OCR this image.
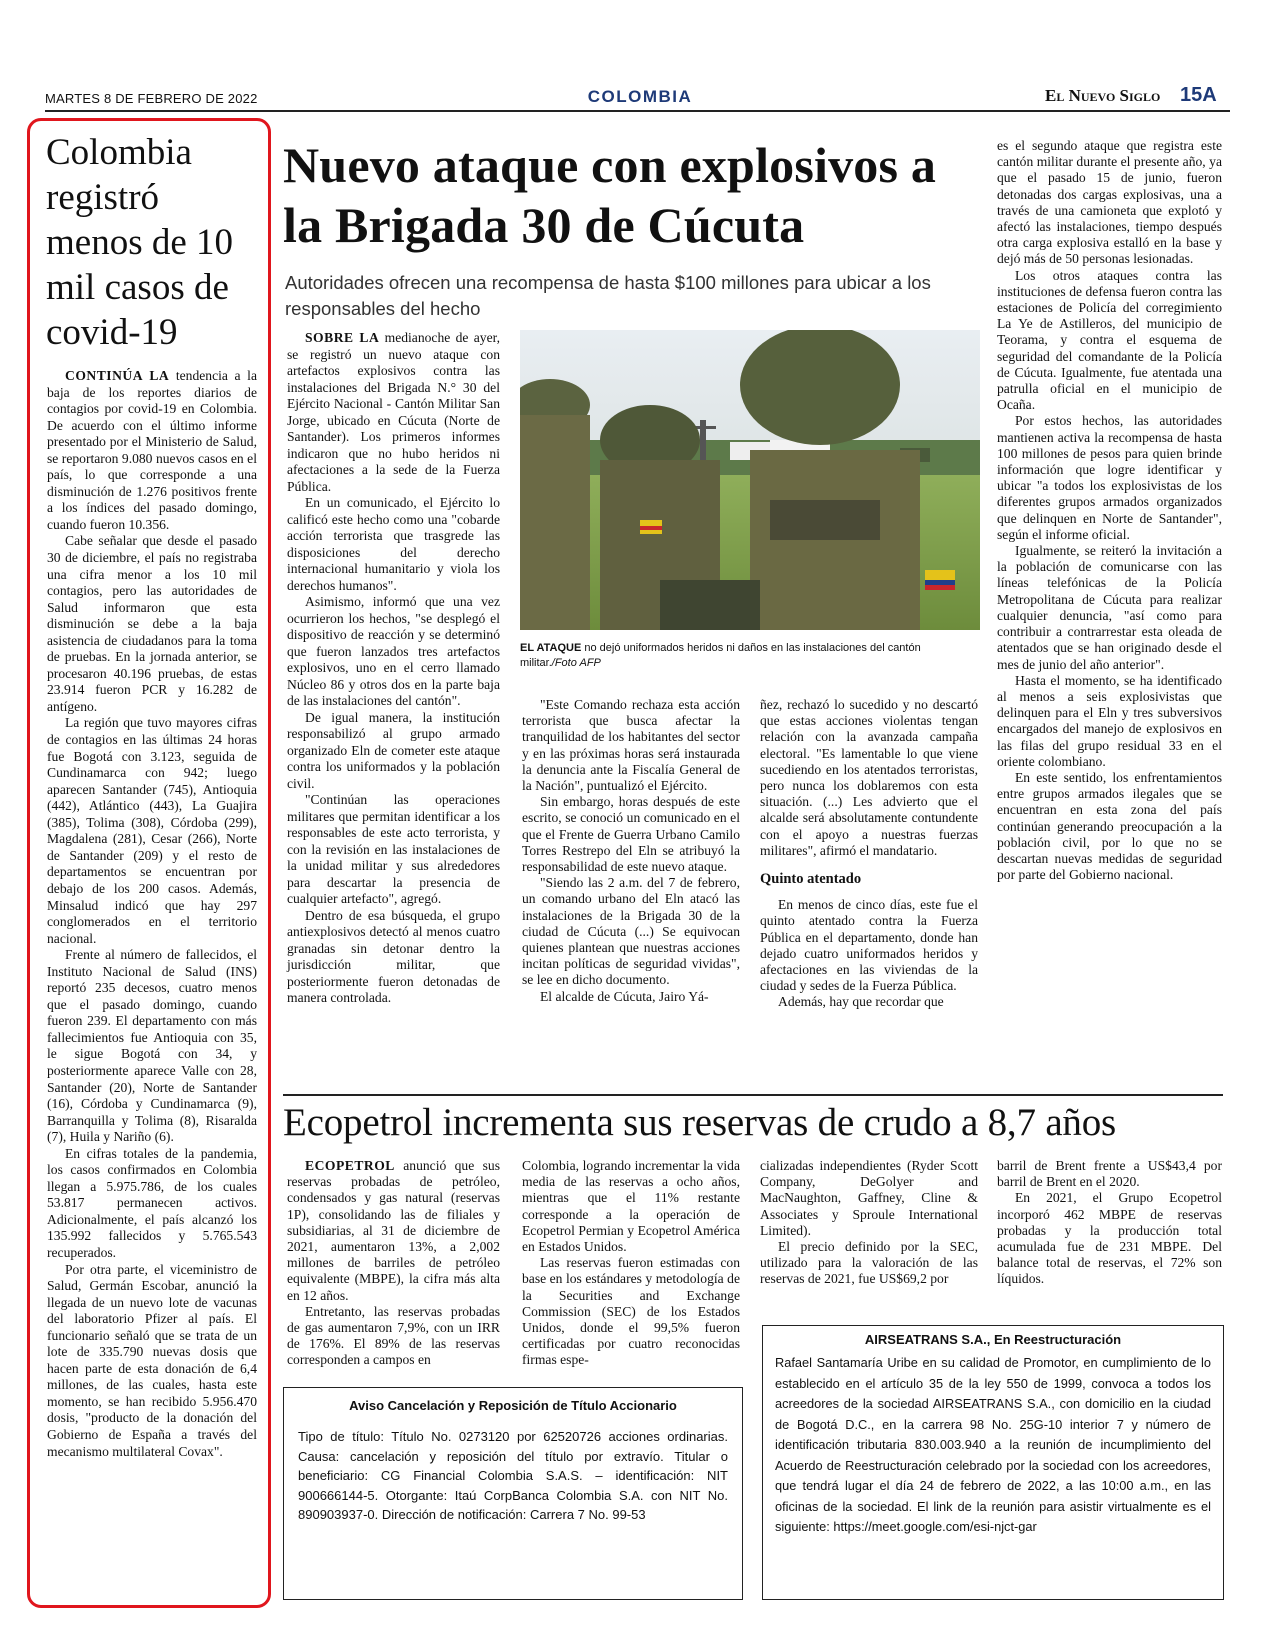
MARTES 8 DE FEBRERO DE 2022	COLOMBIA	El Nuevo Siglo 15A
Colombia registró menos de 10 mil casos de covid-19

CONTINÚA LA tendencia a la baja de los reportes diarios de contagios por covid-19 en Colombia. De acuerdo con el último informe presentado por el Ministerio de Salud, se reportaron 9.080 nuevos casos en el país, lo que corresponde a una disminución de 1.276 positivos frente a los índices del pasado domingo, cuando fueron 10.356.

Cabe señalar que desde el pasado 30 de diciembre, el país no registraba una cifra menor a los 10 mil contagios, pero las autoridades de Salud informaron que esta disminución se debe a la baja asistencia de ciudadanos para la toma de pruebas. En la jornada anterior, se procesaron 40.196 pruebas, de estas 23.914 fueron PCR y 16.282 de antígeno.

La región que tuvo mayores cifras de contagios en las últimas 24 horas fue Bogotá con 3.123, seguida de Cundinamarca con 942; luego aparecen Santander (745), Antioquia (442), Atlántico (443), La Guajira (385), Tolima (308), Córdoba (299), Magdalena (281), Cesar (266), Norte de Santander (209) y el resto de departamentos se encuentran por debajo de los 200 casos. Además, Minsalud indicó que hay 297 conglomerados en el territorio nacional.

Frente al número de fallecidos, el Instituto Nacional de Salud (INS) reportó 235 decesos, cuatro menos que el pasado domingo, cuando fueron 239. El departamento con más fallecimientos fue Antioquia con 35, le sigue Bogotá con 34, y posteriormente aparece Valle con 28, Santander (20), Norte de Santander (16), Córdoba y Cundinamarca (9), Barranquilla y Tolima (8), Risaralda (7), Huila y Nariño (6).

En cifras totales de la pandemia, los casos confirmados en Colombia llegan a 5.975.786, de los cuales 53.817 permanecen activos. Adicionalmente, el país alcanzó los 135.992 fallecidos y 5.765.543 recuperados.

Por otra parte, el viceministro de Salud, Germán Escobar, anunció la llegada de un nuevo lote de vacunas del laboratorio Pfizer al país. El funcionario señaló que se trata de un lote de 335.790 nuevas dosis que hacen parte de esta donación de 6,4 millones, de las cuales, hasta este momento, se han recibido 5.956.470 dosis, "producto de la donación del Gobierno de España a través del mecanismo multilateral Covax".

Nuevo ataque con explosivos a la Brigada 30 de Cúcuta
Autoridades ofrecen una recompensa de hasta $100 millones para ubicar a los responsables del hecho

SOBRE LA medianoche de ayer, se registró un nuevo ataque con artefactos explosivos contra las instalaciones del Brigada N.° 30 del Ejército Nacional - Cantón Militar San Jorge, ubicado en Cúcuta (Norte de Santander). Los primeros informes indicaron que no hubo heridos ni afectaciones a la sede de la Fuerza Pública.

En un comunicado, el Ejército lo calificó este hecho como una "cobarde acción terrorista que trasgrede las disposiciones del derecho internacional humanitario y viola los derechos humanos".

Asimismo, informó que una vez ocurrieron los hechos, "se desplegó el dispositivo de reacción y se determinó que fueron lanzados tres artefactos explosivos, uno en el cerro llamado Núcleo 86 y otros dos en la parte baja de las instalaciones del cantón".

De igual manera, la institución responsabilizó al grupo armado organizado Eln de cometer este ataque contra los uniformados y la población civil.

"Continúan las operaciones militares que permitan identificar a los responsables de este acto terrorista, y con la revisión en las instalaciones de la unidad militar y sus alrededores para descartar la presencia de cualquier artefacto", agregó.

Dentro de esa búsqueda, el grupo antiexplosivos detectó al menos cuatro granadas sin detonar dentro la jurisdicción militar, que posteriormente fueron detonadas de manera controlada.

EL ATAQUE no dejó uniformados heridos ni daños en las instalaciones del cantón militar./Foto AFP

"Este Comando rechaza esta acción terrorista que busca afectar la tranquilidad de los habitantes del sector y en las próximas horas será instaurada la denuncia ante la Fiscalía General de la Nación", puntualizó el Ejército.

Sin embargo, horas después de este escrito, se conoció un comunicado en el que el Frente de Guerra Urbano Camilo Torres Restrepo del Eln se atribuyó la responsabilidad de este nuevo ataque.

"Siendo las 2 a.m. del 7 de febrero, un comando urbano del Eln atacó las instalaciones de la Brigada 30 de la ciudad de Cúcuta (...) Se equivocan quienes plantean que nuestras acciones incitan políticas de seguridad vividas", se lee en dicho documento.

El alcalde de Cúcuta, Jairo Yá-

ñez, rechazó lo sucedido y no descartó que estas acciones violentas tengan relación con la avanzada campaña electoral. "Es lamentable lo que viene sucediendo en los atentados terroristas, pero nunca los doblaremos con esta situación. (...) Les advierto que el alcalde será absolutamente contundente con el apoyo a nuestras fuerzas militares", afirmó el mandatario.

Quinto atentado

En menos de cinco días, este fue el quinto atentado contra la Fuerza Pública en el departamento, donde han dejado cuatro uniformados heridos y afectaciones en las viviendas de la ciudad y sedes de la Fuerza Pública.

Además, hay que recordar que

es el segundo ataque que registra este cantón militar durante el presente año, ya que el pasado 15 de junio, fueron detonadas dos cargas explosivas, una a través de una camioneta que explotó y afectó las instalaciones, tiempo después otra carga explosiva estalló en la base y dejó más de 50 personas lesionadas.

Los otros ataques contra las instituciones de defensa fueron contra las estaciones de Policía del corregimiento La Ye de Astilleros, del municipio de Teorama, y contra el esquema de seguridad del comandante de la Policía de Cúcuta. Igualmente, fue atentada una patrulla oficial en el municipio de Ocaña.

Por estos hechos, las autoridades mantienen activa la recompensa de hasta 100 millones de pesos para quien brinde información que logre identificar y ubicar "a todos los explosivistas de los diferentes grupos armados organizados que delinquen en Norte de Santander", según el informe oficial.

Igualmente, se reiteró la invitación a la población de comunicarse con las líneas telefónicas de la Policía Metropolitana de Cúcuta para realizar cualquier denuncia, "así como para contribuir a contrarrestar esta oleada de atentados que se han originado desde el mes de junio del año anterior".

Hasta el momento, se ha identificado al menos a seis explosivistas que delinquen para el Eln y tres subversivos encargados del manejo de explosivos en las filas del grupo residual 33 en el oriente colombiano.

En este sentido, los enfrentamientos entre grupos armados ilegales que se encuentran en esta zona del país continúan generando preocupación a la población civil, por lo que no se descartan nuevas medidas de seguridad por parte del Gobierno nacional.

Ecopetrol incrementa sus reservas de crudo a 8,7 años

ECOPETROL anunció que sus reservas probadas de petróleo, condensados y gas natural (reservas 1P), consolidando las de filiales y subsidiarias, al 31 de diciembre de 2021, aumentaron 13%, a 2,002 millones de barriles de petróleo equivalente (MBPE), la cifra más alta en 12 años.

Entretanto, las reservas probadas de gas aumentaron 7,9%, con un IRR de 176%. El 89% de las reservas corresponden a campos en

Colombia, logrando incrementar la vida media de las reservas a ocho años, mientras que el 11% restante corresponde a la operación de Ecopetrol Permian y Ecopetrol América en Estados Unidos.

Las reservas fueron estimadas con base en los estándares y metodología de la Securities and Exchange Commission (SEC) de los Estados Unidos, donde el 99,5% fueron certificadas por cuatro reconocidas firmas espe-

cializadas independientes (Ryder Scott Company, DeGolyer and MacNaughton, Gaffney, Cline & Associates y Sproule International Limited).

El precio definido por la SEC, utilizado para la valoración de las reservas de 2021, fue US$69,2 por

barril de Brent frente a US$43,4 por barril de Brent en el 2020.

En 2021, el Grupo Ecopetrol incorporó 462 MBPE de reservas probadas y la producción total acumulada fue de 231 MBPE. Del balance total de reservas, el 72% son líquidos.

Aviso Cancelación y Reposición de Título Accionario
Tipo de título: Título No. 0273120 por 62520726 acciones ordinarias. Causa: cancelación y reposición del título por extravío. Titular o beneficiario: CG Financial Colombia S.A.S. – identificación: NIT 900666144-5. Otorgante: Itaú CorpBanca Colombia S.A. con NIT No. 890903937-0. Dirección de notificación: Carrera 7 No. 99-53
AIRSEATRANS S.A., En Reestructuración
Rafael Santamaría Uribe en su calidad de Promotor, en cumplimiento de lo establecido en el artículo 35 de la ley 550 de 1999, convoca a todos los acreedores de la sociedad AIRSEATRANS S.A., con domicilio en la ciudad de Bogotá D.C., en la carrera 98 No. 25G-10 interior 7 y número de identificación tributaria 830.003.940 a la reunión de incumplimiento del Acuerdo de Reestructuración celebrado por la sociedad con los acreedores, que tendrá lugar el día 24 de febrero de 2022, a las 10:00 a.m., en las oficinas de la sociedad. El link de la reunión para asistir virtualmente es el siguiente: https://meet.google.com/esi-njct-gar
